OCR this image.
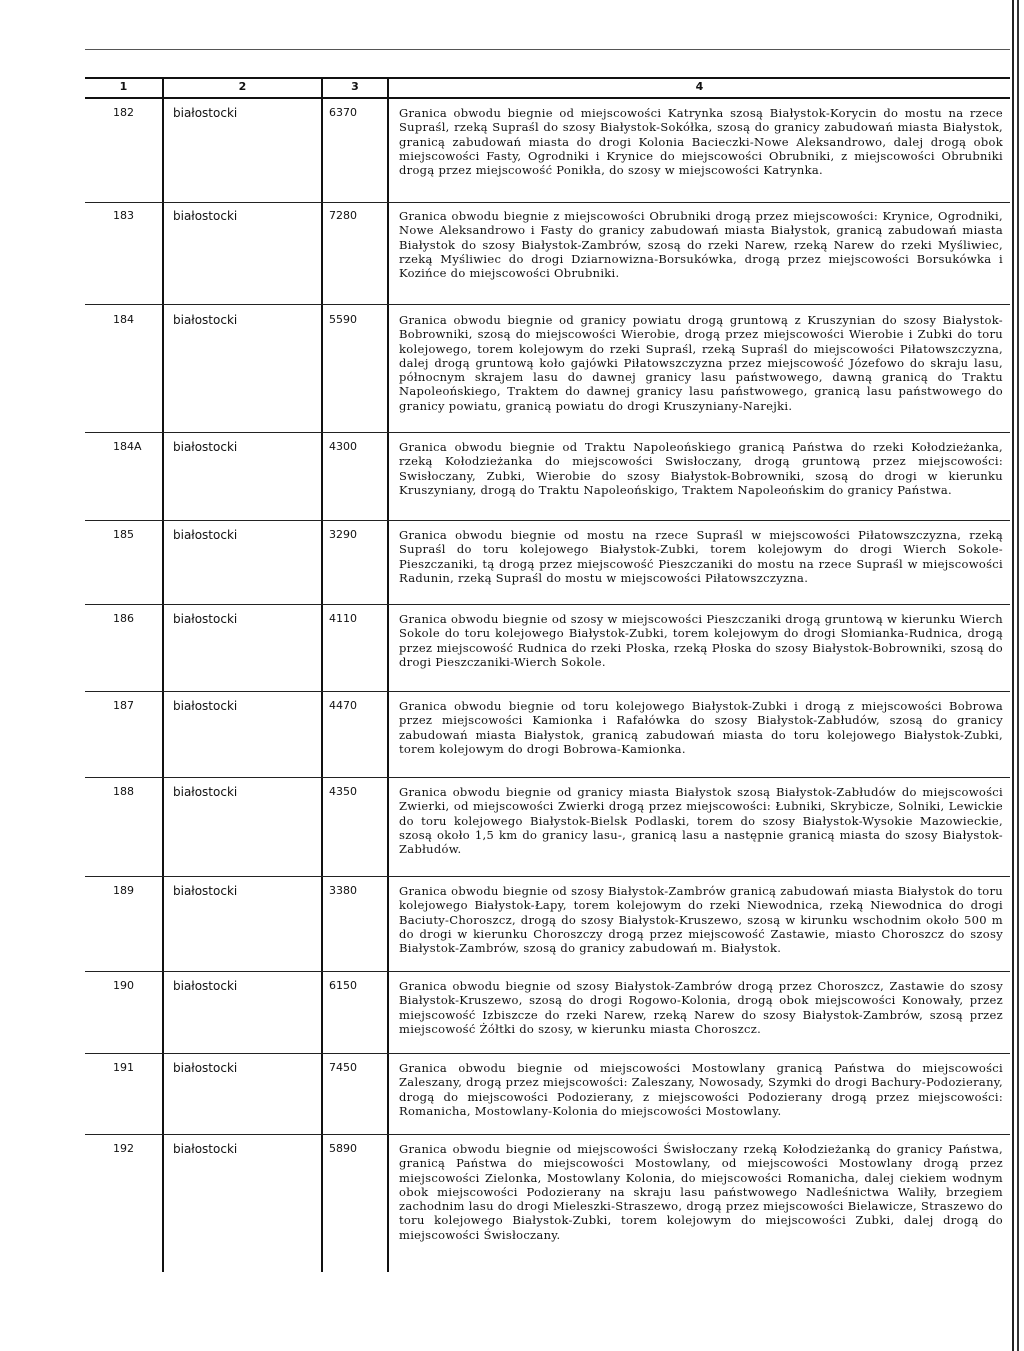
1	2	3	4
182	białostocki	6370	Granica obwodu biegnie od miejscowości Katrynka szosą Białystok-Korycin do mostu na rzece Supraśl, rzeką Supraśl do szosy Białystok-Sokółka, szosą do granicy zabudowań miasta Białystok, granicą zabudowań miasta do drogi Kolonia Bacieczki-Nowe Aleksandrowo, dalej drogą obok miejscowości Fasty, Ogrodniki i Krynice do miejscowości Obrubniki, z miejscowości Obrubniki drogą przez miejscowość Ponikła, do szosy w miejscowości Katrynka.
183	białostocki	7280	Granica obwodu biegnie z miejscowości Obrubniki drogą przez miejscowości: Krynice, Ogrodniki, Nowe Aleksandrowo i Fasty do granicy zabudowań miasta Białystok, granicą zabudowań miasta Białystok do szosy Białystok-Zambrów, szosą do rzeki Narew, rzeką Narew do rzeki Myśliwiec, rzeką Myśliwiec do drogi Dziarnowizna-Borsukówka, drogą przez miejscowości Borsukówka i Kozińce do miejscowości Obrubniki.
184	białostocki	5590	Granica obwodu biegnie od granicy powiatu drogą gruntową z Kruszynian do szosy Białystok-Bobrowniki, szosą do miejscowości Wierobie, drogą przez miejscowości Wierobie i Zubki do toru kolejowego, torem kolejowym do rzeki Supraśl, rzeką Supraśl do miejscowości Piłatowszczyzna, dalej drogą gruntową koło gajówki Piłatowszczyzna przez miejscowość Józefowo do skraju lasu, północnym skrajem lasu do dawnej granicy lasu państwowego, dawną granicą do Traktu Napoleońskiego, Traktem do dawnej granicy lasu państwowego, granicą lasu państwowego do granicy powiatu, granicą powiatu do drogi Kruszyniany-Narejki.
184A	białostocki	4300	Granica obwodu biegnie od Traktu Napoleońskiego granicą Państwa do rzeki Kołodzieżanka, rzeką Kołodzieżanka do miejscowości Swisłoczany, drogą gruntową przez miejscowości: Swisłoczany, Zubki, Wierobie do szosy Białystok-Bobrowniki, szosą do drogi w kierunku Kruszyniany, drogą do Traktu Napoleońskigo, Traktem Napoleońskim do granicy Państwa.
185	białostocki	3290	Granica obwodu biegnie od mostu na rzece Supraśl w miejscowości Piłatowszczyzna, rzeką Supraśl do toru kolejowego Białystok-Zubki, torem kolejowym do drogi Wierch Sokole-Pieszczaniki, tą drogą przez miejscowość Pieszczaniki do mostu na rzece Supraśl w miejscowości Radunin, rzeką Supraśl do mostu w miejscowości Piłatowszczyzna.
186	białostocki	4110	Granica obwodu biegnie od szosy w miejscowości Pieszczaniki drogą gruntową w kierunku Wierch Sokole do toru kolejowego Białystok-Zubki, torem kolejowym do drogi Słomianka-Rudnica, drogą przez miejscowość Rudnica do rzeki Płoska, rzeką Płoska do szosy Białystok-Bobrowniki, szosą do drogi Pieszczaniki-Wierch Sokole.
187	białostocki	4470	Granica obwodu biegnie od toru kolejowego Białystok-Zubki i drogą z miejscowości Bobrowa przez miejscowości Kamionka i Rafałówka do szosy Białystok-Zabłudów, szosą do granicy zabudowań miasta Białystok, granicą zabudowań miasta do toru kolejowego Białystok-Zubki, torem kolejowym do drogi Bobrowa-Kamionka.
188	białostocki	4350	Granica obwodu biegnie od granicy miasta Białystok szosą Białystok-Zabłudów do miejscowości Zwierki, od miejscowości Zwierki drogą przez miejscowości: Łubniki, Skrybicze, Solniki, Lewickie do toru kolejowego Białystok-Bielsk Podlaski, torem do szosy Białystok-Wysokie Mazowieckie, szosą około 1,5 km do granicy lasu-, granicą lasu a następnie granicą miasta do szosy Białystok-Zabłudów.
189	białostocki	3380	Granica obwodu biegnie od szosy Białystok-Zambrów granicą zabudowań miasta Białystok do toru kolejowego Białystok-Łapy, torem kolejowym do rzeki Niewodnica, rzeką Niewodnica do drogi Baciuty-Choroszcz, drogą do szosy Białystok-Kruszewo, szosą w kirunku wschodnim około 500 m do drogi w kierunku Choroszczy drogą przez miejscowość Zastawie, miasto Choroszcz do szosy Białystok-Zambrów, szosą do granicy zabudowań m. Białystok.
190	białostocki	6150	Granica obwodu biegnie od szosy Białystok-Zambrów drogą przez Choroszcz, Zastawie do szosy Białystok-Kruszewo, szosą do drogi Rogowo-Kolonia, drogą obok miejscowości Konowały, przez miejscowość Izbiszcze do rzeki Narew, rzeką Narew do szosy Białystok-Zambrów, szosą przez miejscowość Żółtki do szosy, w kierunku miasta Choroszcz.
191	białostocki	7450	Granica obwodu biegnie od miejscowości Mostowlany granicą Państwa do miejscowości Zaleszany, drogą przez miejscowości: Zaleszany, Nowosady, Szymki do drogi Bachury-Podozierany, drogą do miejscowości Podozierany, z miejscowości Podozierany drogą przez miejscowości: Romanicha, Mostowlany-Kolonia do miejscowości Mostowlany.
192	białostocki	5890	Granica obwodu biegnie od miejscowości Świsłoczany rzeką Kołodzieżanką do granicy Państwa, granicą Państwa do miejscowości Mostowlany, od miejscowości Mostowlany drogą przez miejscowości Zielonka, Mostowlany Kolonia, do miejscowości Romanicha, dalej ciekiem wodnym obok miejscowości Podozierany na skraju lasu państwowego Nadleśnictwa Waliły, brzegiem zachodnim lasu do drogi Mieleszki-Straszewo, drogą przez miejscowości Bielawicze, Straszewo do toru kolejowego Białystok-Zubki, torem kolejowym do miejscowości Zubki, dalej drogą do miejscowości Świsłoczany.
